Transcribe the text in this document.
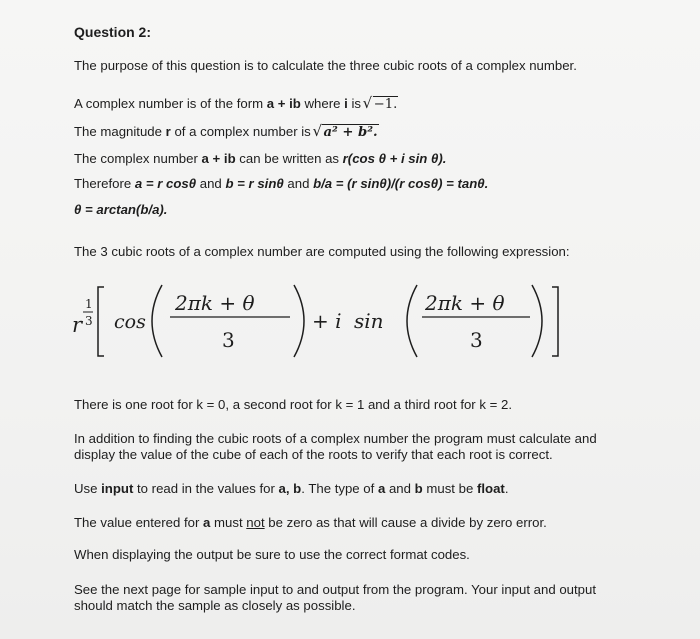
Question 2:
The purpose of this question is to calculate the three cubic roots of a complex number.
A complex number is of the form a + ib where i is
√ −1.
The magnitude r of a complex number is
√ a² + b².
The complex number a + ib can be written as r(cos θ + i sin θ).
Therefore a = r cosθ and b = r sinθ and b/a = (r sinθ)/(r cosθ) = tanθ.
θ = arctan(b/a).
The 3 cubic roots of a complex number are computed using the following expression:
r
1
3 cos
2πk + θ
3
+ i sin
2πk + θ
3
There is one root for k = 0, a second root for k = 1 and a third root for k = 2.
In addition to finding the cubic roots of a complex number the program must calculate and
display the value of the cube of each of the roots to verify that each root is correct.
Use input to read in the values for a, b. The type of a and b must be float.
The value entered for a must not be zero as that will cause a divide by zero error.
When displaying the output be sure to use the correct format codes.
See the next page for sample input to and output from the program. Your input and output
should match the sample as closely as possible.
